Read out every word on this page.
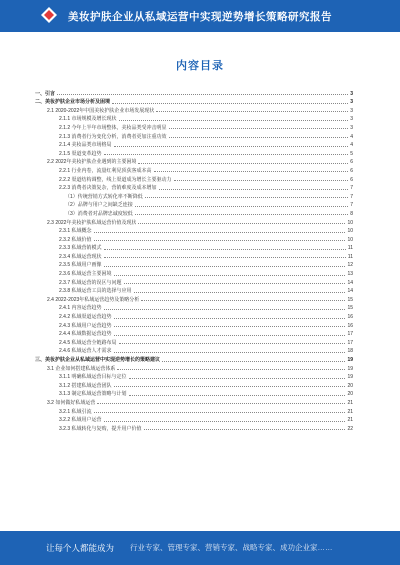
美妆护肤企业从私域运营中实现逆势增长策略研究报告
内容目录
一、引言	3
二、美妆护肤企业市场分析及困境	3
2.1 2020-2022年中国美妆护肤企业市场发展现状	3
2.1.1 市场规模及增长现状	3
2.1.2 今年上半年市场整体，美妆品类受冲击明显	3
2.1.3 消费者行为变化分析，消费者更加注重功效	4
2.1.4 美妆品类市场格局	4
2.1.5 渠道变革趋势	5
2.2 2022年美妆护肤企业遇到的主要困境	6
2.2.1 行业内卷，流量红利见顶获客成本高	6
2.2.2 渠道结构调整，线上渠道成为增长主要驱动力	6
2.2.3 消费者决策复杂，营销难度及成本增加	7
（1）传统营销方式转化率不断降低	7
（2）品牌与用户之间缺乏连接	7
（3）消费者对品牌忠诚度较低	8
2.3 2022年美妆护肤私域运营价值及现状	10
2.3.1 私域概念	10
2.3.2 私域价值	10
2.3.3 私域营销模式	11
2.3.4 私域运营现状	11
2.3.5 私域用户画像	12
2.3.6 私域运营主要困境	13
2.3.7 私域运营的误区与问题	14
2.3.8 私域运营工具的选择与应用	14
2.4 2022-2023年私域运营趋势及策略分析	15
2.4.1 内容运营趋势	15
2.4.2 私域渠道运营趋势	16
2.4.3 私域用户运营趋势	16
2.4.4 私域数据运营趋势	17
2.4.5 私域运营全链路布局	17
2.4.6 私域运营人才需求	18
三、美妆护肤企业从私域运营中实现逆势增长的策略建议	19
3.1 企业如何搭建私域运营体系	19
3.1.1 明确私域运营目标与定位	19
3.1.2 搭建私域运营团队	20
3.1.3 制定私域运营策略与计划	20
3.2 如何做好私域运营	21
3.2.1 私域引流	21
3.2.2 私域用户运营	21
3.2.3 私域转化与复购，提升用户价值	22
让每个人都能成为 行业专家、管理专家、营销专家、战略专家、成功企业家……
